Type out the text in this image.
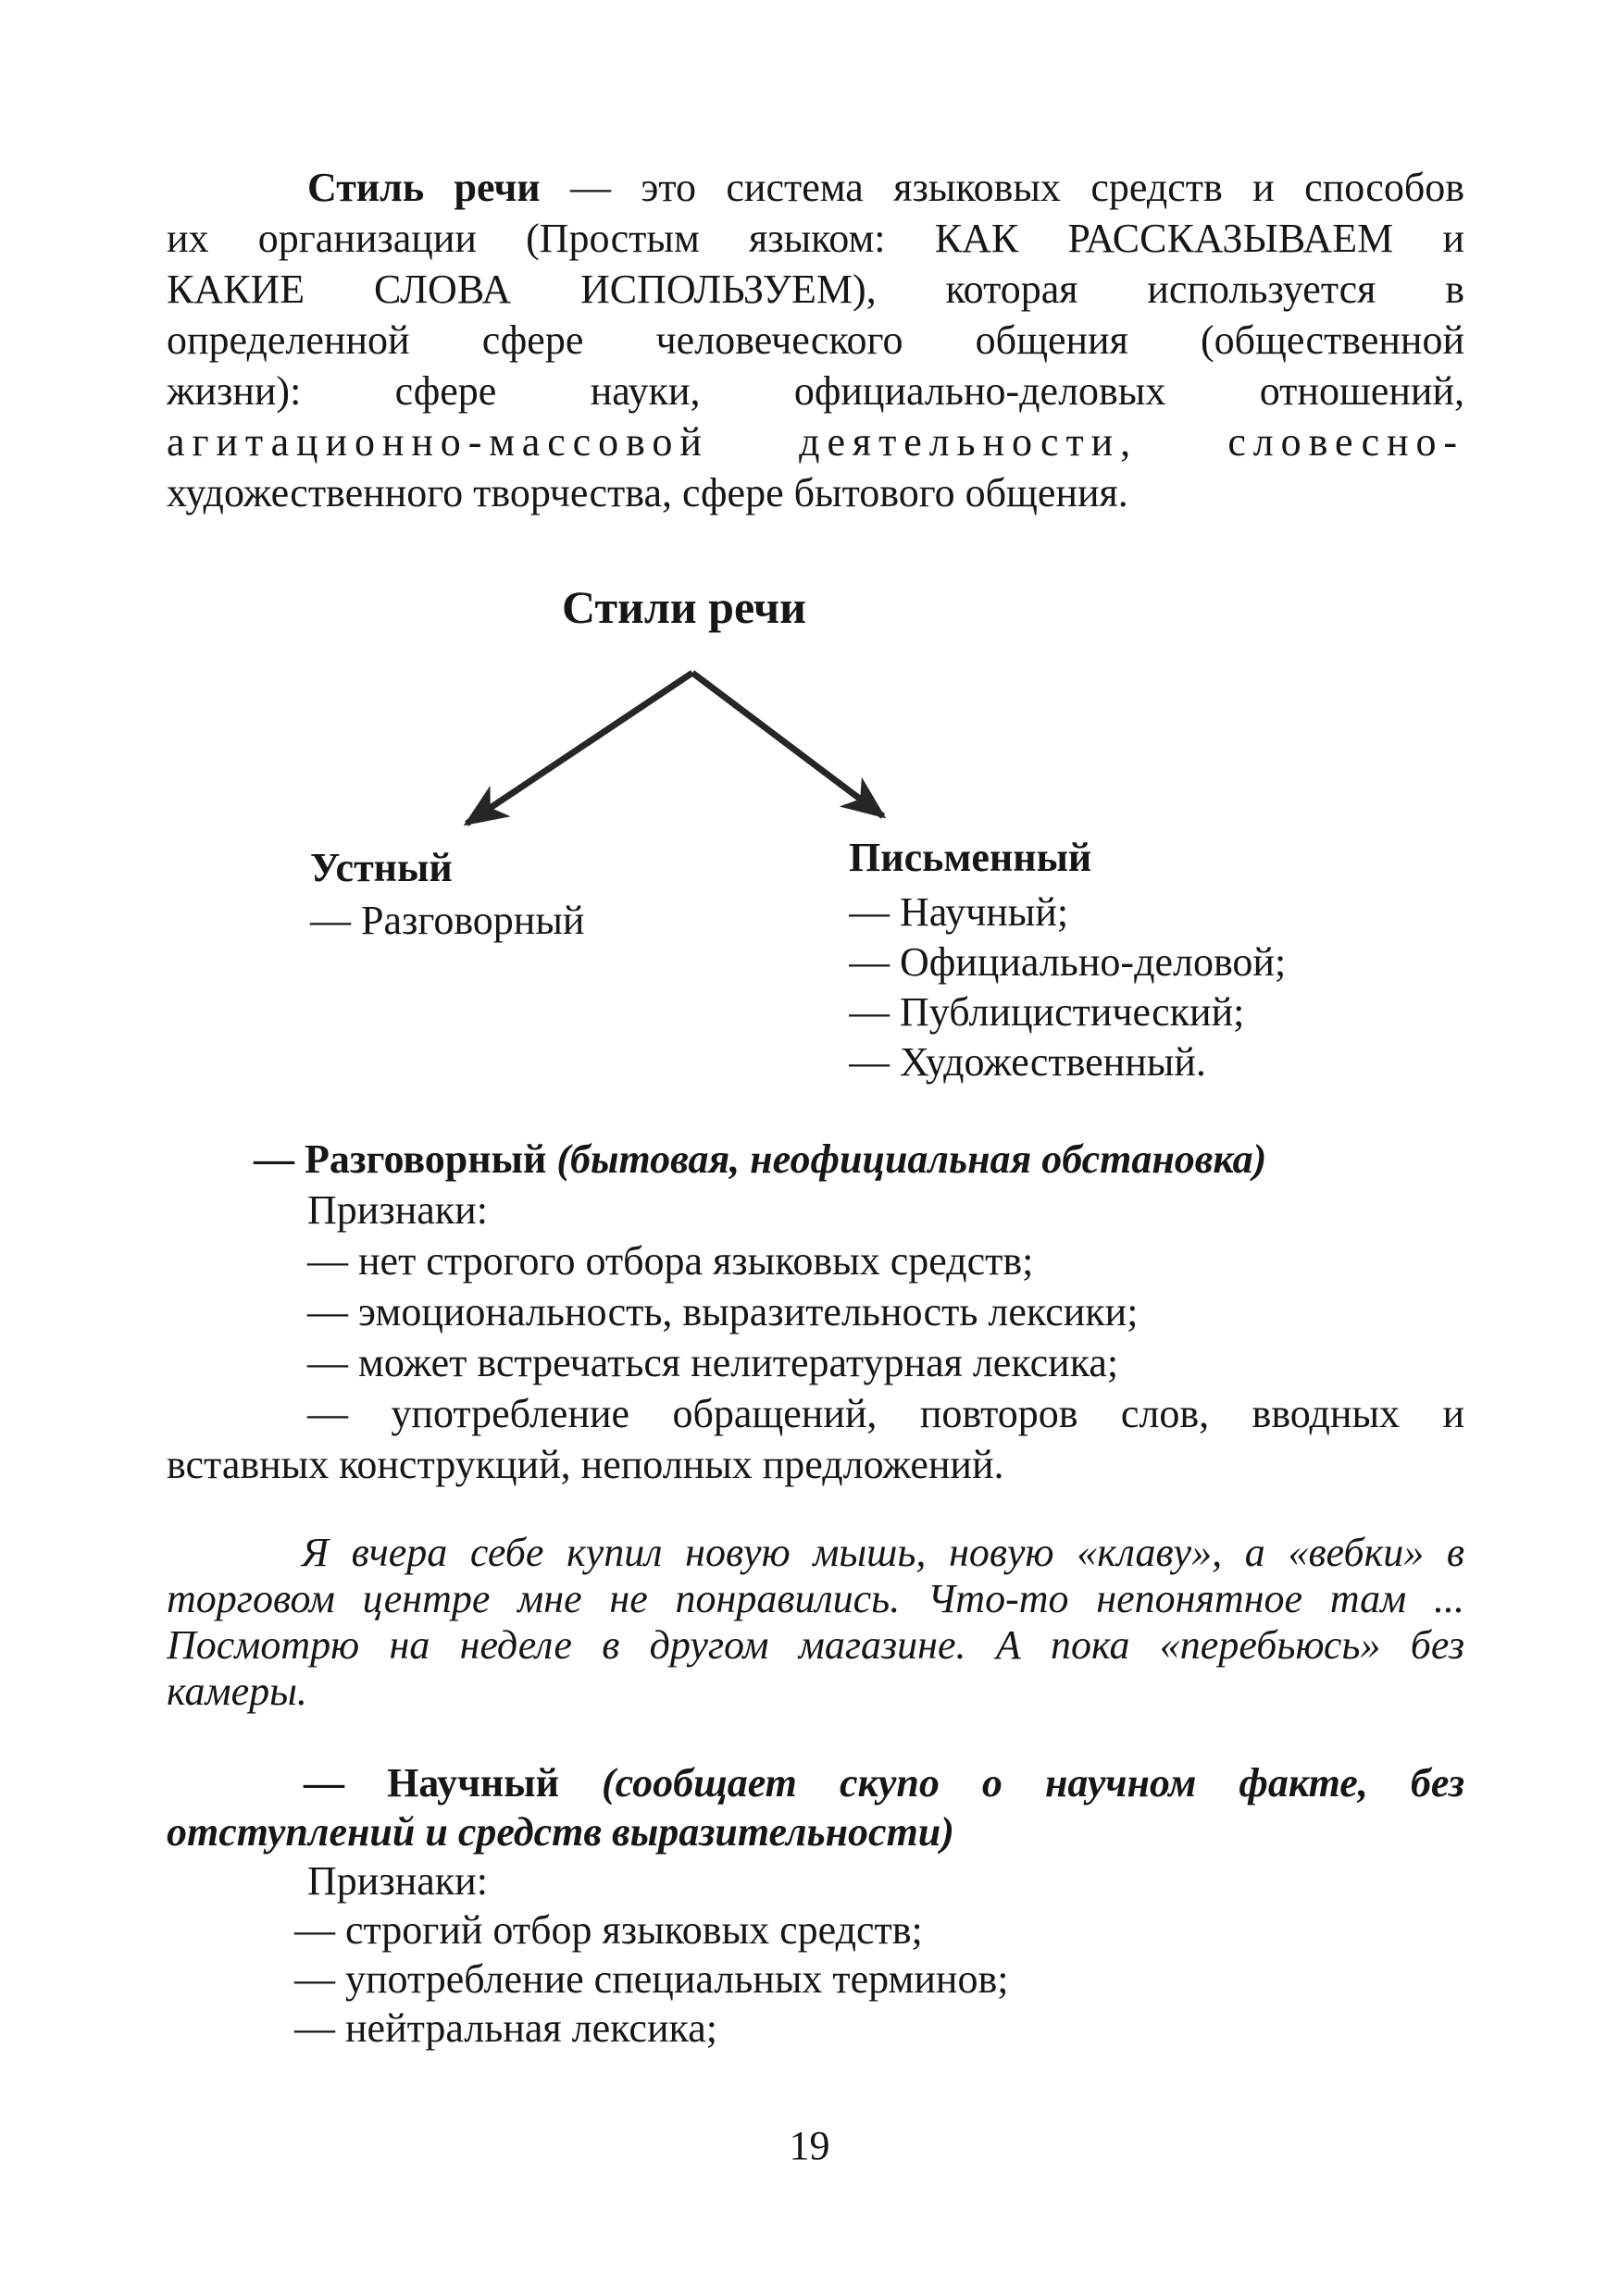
Стиль речи — это система языковых средств и способов
их организации (Простым языком: КАК РАССКАЗЫВАЕМ и
КАКИЕ СЛОВА ИСПОЛЬЗУЕМ), которая используется в
определенной сфере человеческого общения (общественной
жизни): сфере науки, официально-деловых отношений,
агитационно-массовой деятельности, словесно-
художественного творчества, сфере бытового общения.
Стили речи
Устный
— Разговорный
Письменный
— Научный;
— Официально-деловой;
— Публицистический;
— Художественный.
— Разговорный (бытовая, неофициальная обстановка)
Признаки:
— нет строгого отбора языковых средств;
— эмоциональность, выразительность лексики;
— может встречаться нелитературная лексика;
— употребление обращений, повторов слов, вводных и
вставных конструкций, неполных предложений.
Я вчера себе купил новую мышь, новую «клаву», а «вебки» в
торговом центре мне не понравились. Что-то непонятное там ...
Посмотрю на неделе в другом магазине. А пока «перебьюсь» без
камеры.
— Научный (сообщает скупо о научном факте, без
отступлений и средств выразительности)
Признаки:
— строгий отбор языковых средств;
— употребление специальных терминов;
— нейтральная лексика;
19
